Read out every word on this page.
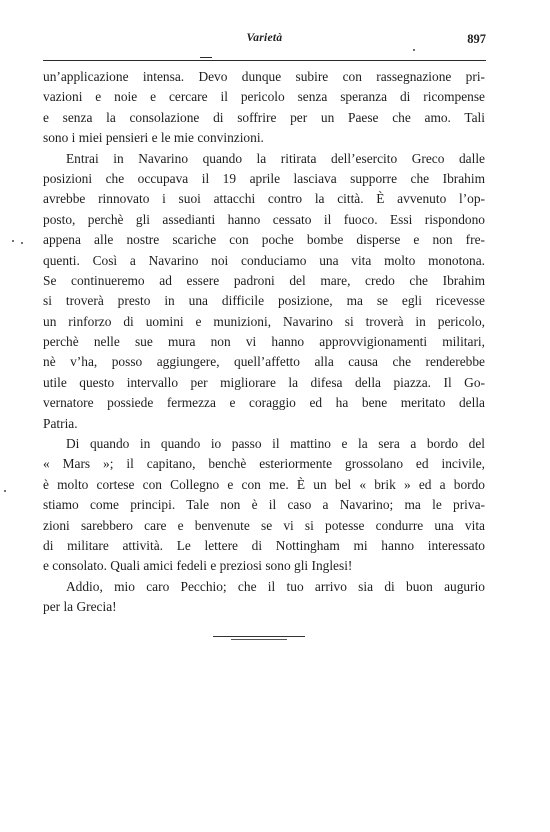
Varietà	897
un’applicazione intensa. Devo dunque subire con rassegnazione pri-
vazioni e noie e cercare il pericolo senza speranza di ricompense
e senza la consolazione di soffrire per un Paese che amo. Tali
sono i miei pensieri e le mie convinzioni.
Entrai in Navarino quando la ritirata dell’esercito Greco dalle
posizioni che occupava il 19 aprile lasciava supporre che Ibrahim
avrebbe rinnovato i suoi attacchi contro la città. È avvenuto l’op-
posto, perchè gli assedianti hanno cessato il fuoco. Essi rispondono
appena alle nostre scariche con poche bombe disperse e non fre-
quenti. Così a Navarino noi conduciamo una vita molto monotona.
Se continueremo ad essere padroni del mare, credo che Ibrahim
si troverà presto in una difficile posizione, ma se egli ricevesse
un rinforzo di uomini e munizioni, Navarino si troverà in pericolo,
perchè nelle sue mura non vi hanno approvvigionamenti militari,
nè v’ha, posso aggiungere, quell’affetto alla causa che renderebbe
utile questo intervallo per migliorare la difesa della piazza. Il Go-
vernatore possiede fermezza e coraggio ed ha bene meritato della
Patria.
Di quando in quando io passo il mattino e la sera a bordo del
« Mars »; il capitano, benchè esteriormente grossolano ed incivile,
è molto cortese con Collegno e con me. È un bel « brik » ed a bordo
stiamo come principi. Tale non è il caso a Navarino; ma le priva-
zioni sarebbero care e benvenute se vi si potesse condurre una vita
di militare attività. Le lettere di Nottingham mi hanno interessato
e consolato. Quali amici fedeli e preziosi sono gli Inglesi!
Addio, mio caro Pecchio; che il tuo arrivo sia di buon augurio
per la Grecia!
